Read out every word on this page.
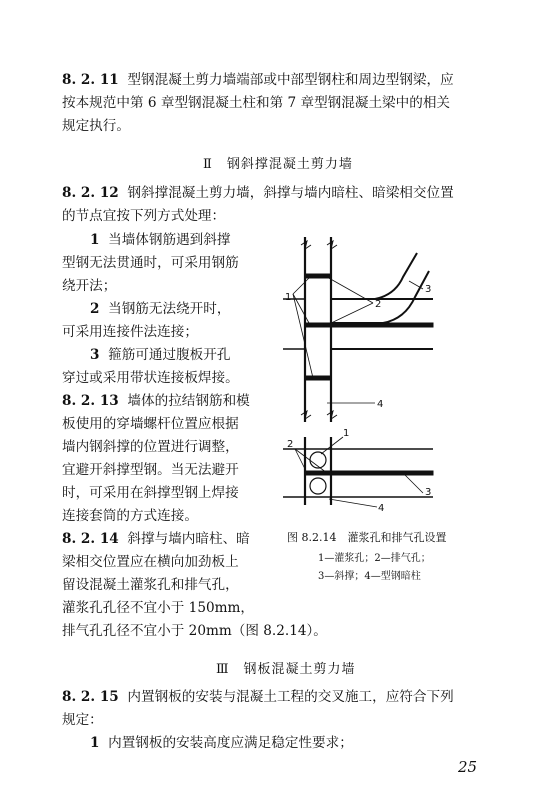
8. 2. 11 型钢混凝土剪力墙端部或中部型钢柱和周边型钢梁，应
按本规范中第 6 章型钢混凝土柱和第 7 章型钢混凝土梁中的相关
规定执行。
Ⅱ　钢斜撑混凝土剪力墙
8. 2. 12 钢斜撑混凝土剪力墙，斜撑与墙内暗柱、暗梁相交位置
的节点宜按下列方式处理：
1 当墙体钢筋遇到斜撑
型钢无法贯通时，可采用钢筋
绕开法；
2 当钢筋无法绕开时，
可采用连接件法连接；
3 箍筋可通过腹板开孔
穿过或采用带状连接板焊接。
8. 2. 13 墙体的拉结钢筋和模
板使用的穿墙螺杆位置应根据
墙内钢斜撑的位置进行调整，
宜避开斜撑型钢。当无法避开
时，可采用在斜撑型钢上焊接
连接套筒的方式连接。
8. 2. 14 斜撑与墙内暗柱、暗
梁相交位置应在横向加劲板上
留设混凝土灌浆孔和排气孔，
灌浆孔孔径不宜小于 150mm，
排气孔孔径不宜小于 20mm（图 8.2.14）。
1
2
3
4
2
1
3
4
图 8.2.14　灌浆孔和排气孔设置
1—灌浆孔；2—排气孔；
3—斜撑；4—型钢暗柱
Ⅲ　钢板混凝土剪力墙
8. 2. 15 内置钢板的安装与混凝土工程的交叉施工，应符合下列
规定：
1 内置钢板的安装高度应满足稳定性要求；
25
